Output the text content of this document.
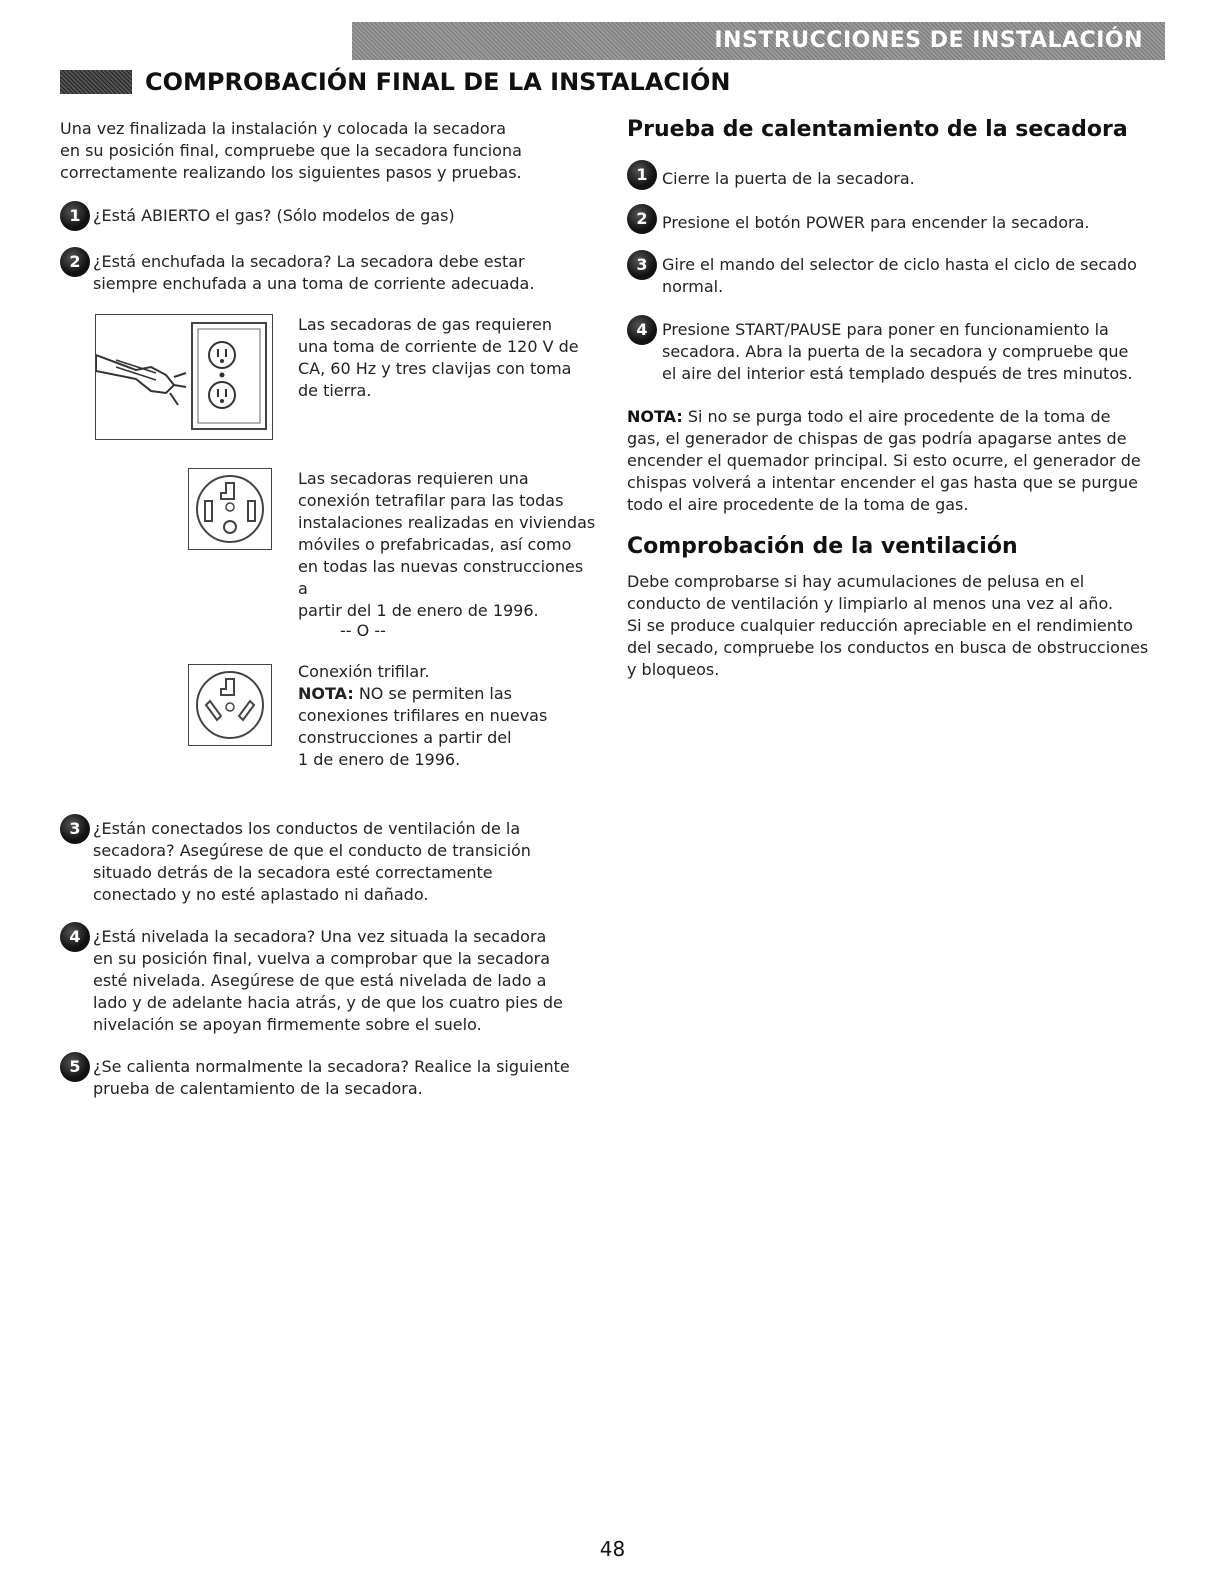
INSTRUCCIONES DE INSTALACIÓN
COMPROBACIÓN FINAL DE LA INSTALACIÓN
Una vez finalizada la instalación y colocada la secadora
en su posición final, compruebe que la secadora funciona
correctamente realizando los siguientes pasos y pruebas.
1 ¿Está ABIERTO el gas? (Sólo modelos de gas)
2 ¿Está enchufada la secadora? La secadora debe estar
siempre enchufada a una toma de corriente adecuada.
Las secadoras de gas requieren
una toma de corriente de 120 V de
CA, 60 Hz y tres clavijas con toma
de tierra.
Las secadoras requieren una
conexión tetrafilar para las todas
instalaciones realizadas en viviendas
móviles o prefabricadas, así como
en todas las nuevas construcciones a
partir del 1 de enero de 1996.
-- O --
Conexión trifilar.
NOTA: NO se permiten las
conexiones trifilares en nuevas
construcciones a partir del
1 de enero de 1996.
3 ¿Están conectados los conductos de ventilación de la
secadora? Asegúrese de que el conducto de transición
situado detrás de la secadora esté correctamente
conectado y no esté aplastado ni dañado.
4 ¿Está nivelada la secadora? Una vez situada la secadora
en su posición final, vuelva a comprobar que la secadora
esté nivelada. Asegúrese de que está nivelada de lado a
lado y de adelante hacia atrás, y de que los cuatro pies de
nivelación se apoyan firmemente sobre el suelo.
5 ¿Se calienta normalmente la secadora? Realice la siguiente
prueba de calentamiento de la secadora.
Prueba de calentamiento de la secadora
1 Cierre la puerta de la secadora.
2 Presione el botón POWER para encender la secadora.
3 Gire el mando del selector de ciclo hasta el ciclo de secado
normal.
4 Presione START/PAUSE para poner en funcionamiento la
secadora. Abra la puerta de la secadora y compruebe que
el aire del interior está templado después de tres minutos.
NOTA: Si no se purga todo el aire procedente de la toma de
gas, el generador de chispas de gas podría apagarse antes de
encender el quemador principal. Si esto ocurre, el generador de
chispas volverá a intentar encender el gas hasta que se purgue
todo el aire procedente de la toma de gas.
Comprobación de la ventilación
Debe comprobarse si hay acumulaciones de pelusa en el
conducto de ventilación y limpiarlo al menos una vez al año.
Si se produce cualquier reducción apreciable en el rendimiento
del secado, compruebe los conductos en busca de obstrucciones
y bloqueos.
48
